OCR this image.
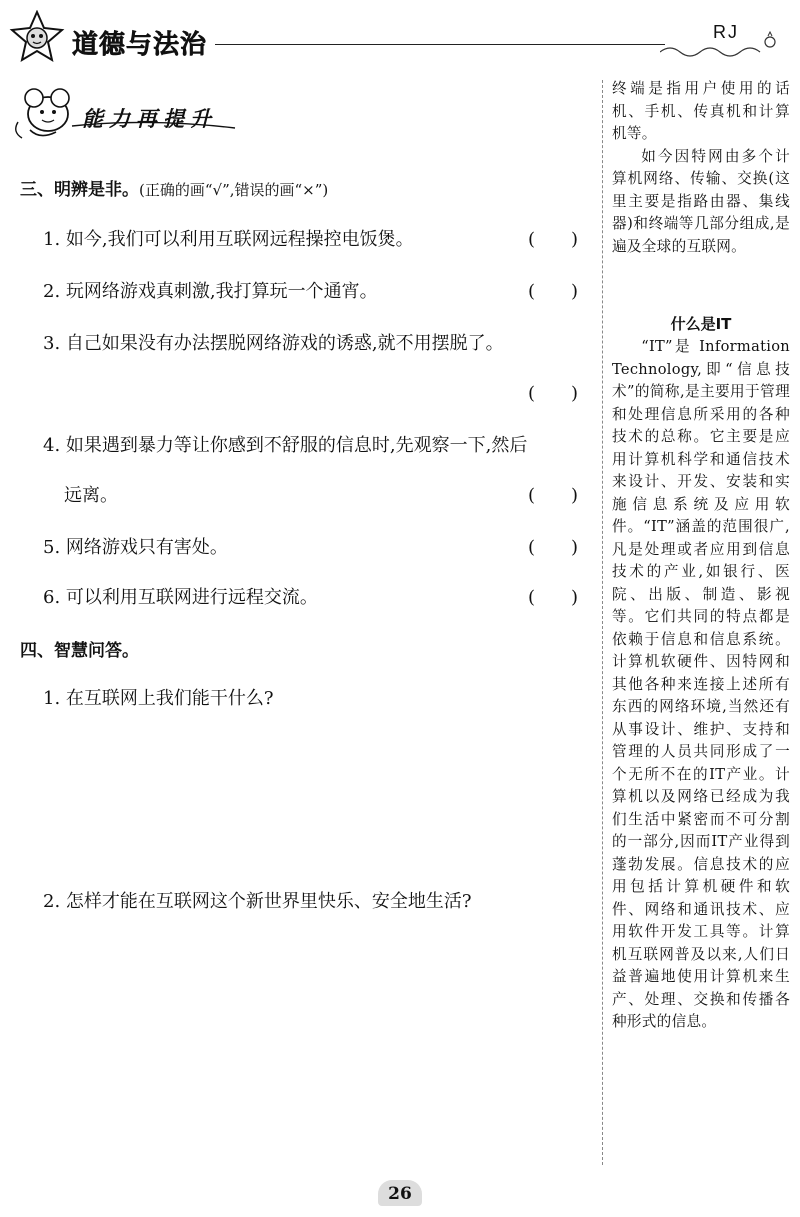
道德与法治	RJ
能力再提升
三、明辨是非。(正确的画“√”,错误的画“×”)
1. 如今,我们可以利用互联网远程操控电饭煲。	(　　)
2. 玩网络游戏真刺激,我打算玩一个通宵。	(　　)
3. 自己如果没有办法摆脱网络游戏的诱惑,就不用摆脱了。
(　　)
4. 如果遇到暴力等让你感到不舒服的信息时,先观察一下,然后
远离。	(　　)
5. 网络游戏只有害处。	(　　)
6. 可以利用互联网进行远程交流。	(　　)
四、智慧问答。
1. 在互联网上我们能干什么?
2. 怎样才能在互联网这个新世界里快乐、安全地生活?

终端是指用户使用的话机、手机、传真机和计算机等。

如今因特网由多个计算机网络、传输、交换(这里主要是指路由器、集线器)和终端等几部分组成,是遍及全球的互联网。

什么是IT

“IT”是 Information Technology,即“信息技术”的简称,是主要用于管理和处理信息所采用的各种技术的总称。它主要是应用计算机科学和通信技术来设计、开发、安装和实施信息系统及应用软件。“IT”涵盖的范围很广,凡是处理或者应用到信息技术的产业,如银行、医院、出版、制造、影视等。它们共同的特点都是依赖于信息和信息系统。计算机软硬件、因特网和其他各种来连接上述所有东西的网络环境,当然还有从事设计、维护、支持和管理的人员共同形成了一个无所不在的IT产业。计算机以及网络已经成为我们生活中紧密而不可分割的一部分,因而IT产业得到蓬勃发展。信息技术的应用包括计算机硬件和软件、网络和通讯技术、应用软件开发工具等。计算机互联网普及以来,人们日益普遍地使用计算机来生产、处理、交换和传播各种形式的信息。

26
